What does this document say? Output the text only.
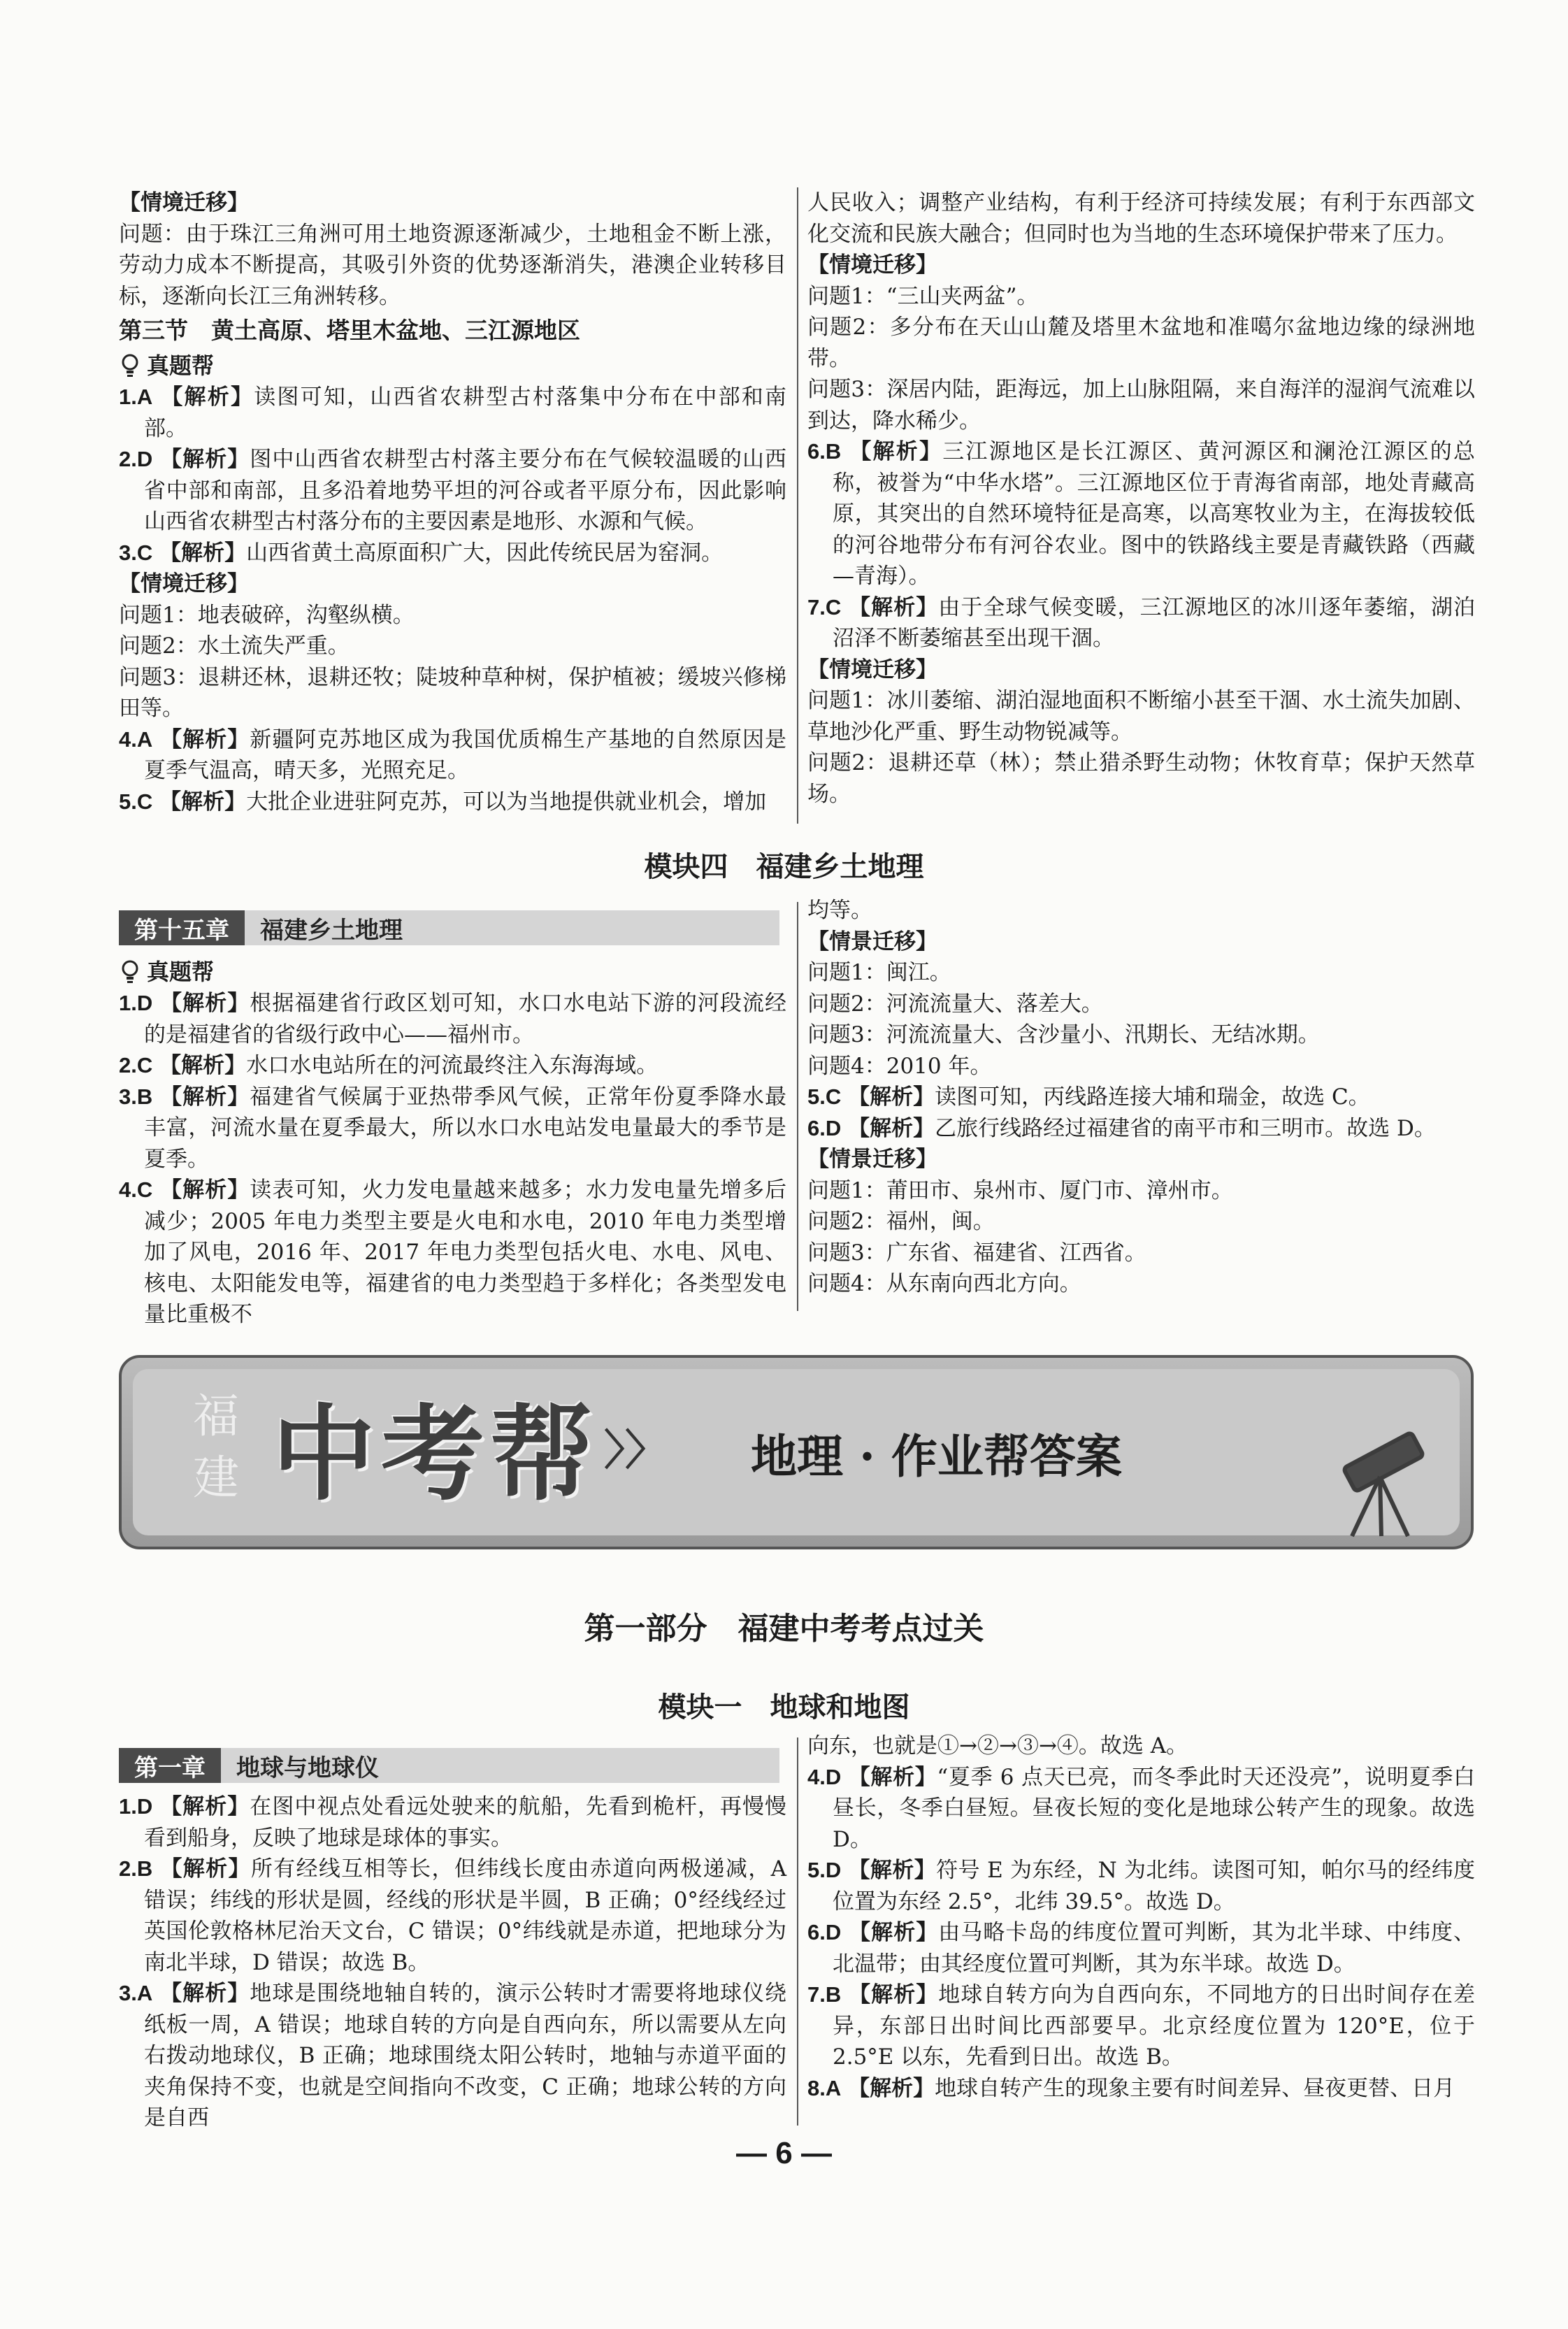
【情境迁移】

问题：由于珠江三角洲可用土地资源逐渐减少，土地租金不断上涨，劳动力成本不断提高，其吸引外资的优势逐渐消失，港澳企业转移目标，逐渐向长江三角洲转移。

第三节　黄土高原、塔里木盆地、三江源地区

真题帮

1.A 【解析】读图可知，山西省农耕型古村落集中分布在中部和南部。

2.D 【解析】图中山西省农耕型古村落主要分布在气候较温暖的山西省中部和南部，且多沿着地势平坦的河谷或者平原分布，因此影响山西省农耕型古村落分布的主要因素是地形、水源和气候。

3.C 【解析】山西省黄土高原面积广大，因此传统民居为窑洞。

【情境迁移】

问题1：地表破碎，沟壑纵横。

问题2：水土流失严重。

问题3：退耕还林，退耕还牧；陡坡种草种树，保护植被；缓坡兴修梯田等。

4.A 【解析】新疆阿克苏地区成为我国优质棉生产基地的自然原因是夏季气温高，晴天多，光照充足。

5.C 【解析】大批企业进驻阿克苏，可以为当地提供就业机会，增加

人民收入；调整产业结构，有利于经济可持续发展；有利于东西部文化交流和民族大融合；但同时也为当地的生态环境保护带来了压力。

【情境迁移】

问题1：“三山夹两盆”。

问题2：多分布在天山山麓及塔里木盆地和准噶尔盆地边缘的绿洲地带。

问题3：深居内陆，距海远，加上山脉阻隔，来自海洋的湿润气流难以到达，降水稀少。

6.B 【解析】三江源地区是长江源区、黄河源区和澜沧江源区的总称，被誉为“中华水塔”。三江源地区位于青海省南部，地处青藏高原，其突出的自然环境特征是高寒，以高寒牧业为主，在海拔较低的河谷地带分布有河谷农业。图中的铁路线主要是青藏铁路（西藏—青海）。

7.C 【解析】由于全球气候变暖，三江源地区的冰川逐年萎缩，湖泊沼泽不断萎缩甚至出现干涸。

【情境迁移】

问题1：冰川萎缩、湖泊湿地面积不断缩小甚至干涸、水土流失加剧、草地沙化严重、野生动物锐减等。

问题2：退耕还草（林）；禁止猎杀野生动物；休牧育草；保护天然草场。

模块四　福建乡土地理
第十五章	福建乡土地理
真题帮

1.D 【解析】根据福建省行政区划可知，水口水电站下游的河段流经的是福建省的省级行政中心——福州市。

2.C 【解析】水口水电站所在的河流最终注入东海海域。

3.B 【解析】福建省气候属于亚热带季风气候，正常年份夏季降水最丰富，河流水量在夏季最大，所以水口水电站发电量最大的季节是夏季。

4.C 【解析】读表可知，火力发电量越来越多；水力发电量先增多后减少；2005 年电力类型主要是火电和水电，2010 年电力类型增加了风电，2016 年、2017 年电力类型包括火电、水电、风电、核电、太阳能发电等，福建省的电力类型趋于多样化；各类型发电量比重极不

均等。

【情景迁移】

问题1：闽江。

问题2：河流流量大、落差大。

问题3：河流流量大、含沙量小、汛期长、无结冰期。

问题4：2010 年。

5.C 【解析】读图可知，丙线路连接大埔和瑞金，故选 C。

6.D 【解析】乙旅行线路经过福建省的南平市和三明市。故选 D。

【情景迁移】

问题1：莆田市、泉州市、厦门市、漳州市。

问题2：福州，闽。

问题3：广东省、福建省、江西省。

问题4：从东南向西北方向。

福
建 中考帮 〉〉 地理 · 作业帮答案
第一部分　福建中考考点过关
模块一　地球和地图
第一章	地球与地球仪

1.D 【解析】在图中视点处看远处驶来的航船，先看到桅杆，再慢慢看到船身，反映了地球是球体的事实。

2.B 【解析】所有经线互相等长，但纬线长度由赤道向两极递减，A 错误；纬线的形状是圆，经线的形状是半圆，B 正确；0°经线经过英国伦敦格林尼治天文台，C 错误；0°纬线就是赤道，把地球分为南北半球，D 错误；故选 B。

3.A 【解析】地球是围绕地轴自转的，演示公转时才需要将地球仪绕纸板一周，A 错误；地球自转的方向是自西向东，所以需要从左向右拨动地球仪，B 正确；地球围绕太阳公转时，地轴与赤道平面的夹角保持不变，也就是空间指向不改变，C 正确；地球公转的方向是自西

向东，也就是①→②→③→④。故选 A。

4.D 【解析】“夏季 6 点天已亮，而冬季此时天还没亮”，说明夏季白昼长，冬季白昼短。昼夜长短的变化是地球公转产生的现象。故选 D。

5.D 【解析】符号 E 为东经，N 为北纬。读图可知，帕尔马的经纬度位置为东经 2.5°，北纬 39.5°。故选 D。

6.D 【解析】由马略卡岛的纬度位置可判断，其为北半球、中纬度、北温带；由其经度位置可判断，其为东半球。故选 D。

7.B 【解析】地球自转方向为自西向东，不同地方的日出时间存在差异，东部日出时间比西部要早。北京经度位置为 120°E，位于 2.5°E 以东，先看到日出。故选 B。

8.A 【解析】地球自转产生的现象主要有时间差异、昼夜更替、日月

— 6 —
